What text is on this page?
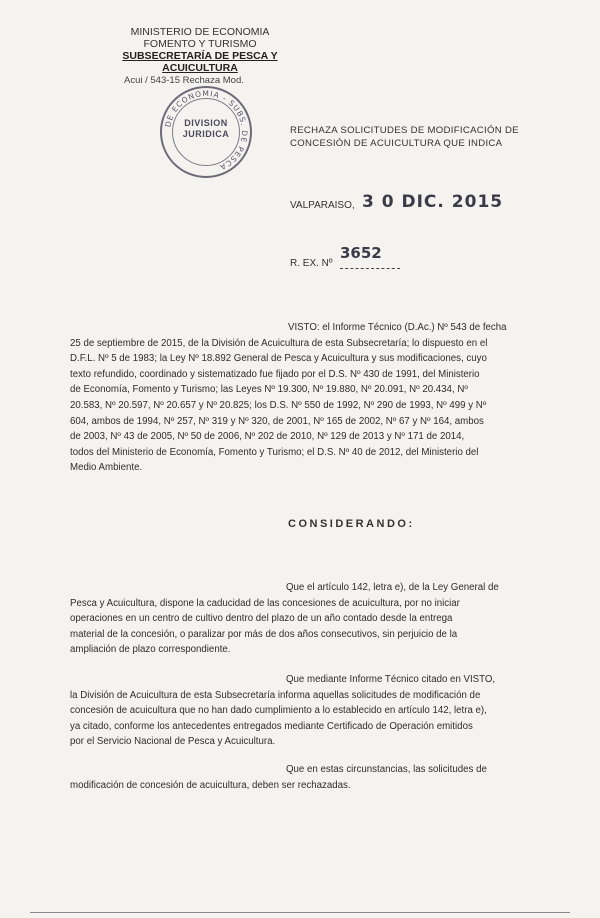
MINISTERIO DE ECONOMIA
FOMENTO Y TURISMO
SUBSECRETARÍA DE PESCA Y ACUICULTURA
Acui / 543-15 Rechaza Mod.
DE ECONOMIA - SUBS. DE PESCA
DIVISION
JURIDICA	RECHAZA SOLICITUDES DE MODIFICACIÓN DE
CONCESIÓN DE ACUICULTURA QUE INDICA
VALPARAISO, 3 0 DIC. 2015
R. EX. Nº
3652
VISTO: el Informe Técnico (D.Ac.) Nº 543 de fecha
25 de septiembre de 2015, de la División de Acuicultura de esta Subsecretaría; lo dispuesto en el
D.F.L. Nº 5 de 1983; la Ley Nº 18.892 General de Pesca y Acuicultura y sus modificaciones, cuyo
texto refundido, coordinado y sistematizado fue fijado por el D.S. Nº 430 de 1991, del Ministerio
de Economía, Fomento y Turismo; las Leyes Nº 19.300, Nº 19.880, Nº 20.091, Nº 20.434, Nº
20.583, Nº 20.597, Nº 20.657 y Nº 20.825; los D.S. Nº 550 de 1992, Nº 290 de 1993, Nº 499 y Nº
604, ambos de 1994, Nº 257, Nº 319 y Nº 320, de 2001, Nº 165 de 2002, Nº 67 y Nº 164, ambos
de 2003, Nº 43 de 2005, Nº 50 de 2006, Nº 202 de 2010, Nº 129 de 2013 y Nº 171 de 2014,
todos del Ministerio de Economía, Fomento y Turismo; el D.S. Nº 40 de 2012, del Ministerio del
Medio Ambiente.
CONSIDERANDO:
Que el artículo 142, letra e), de la Ley General de
Pesca y Acuicultura, dispone la caducidad de las concesiones de acuicultura, por no iniciar
operaciones en un centro de cultivo dentro del plazo de un año contado desde la entrega
material de la concesión, o paralizar por más de dos años consecutivos, sin perjuicio de la
ampliación de plazo correspondiente.
Que mediante Informe Técnico citado en VISTO,
la División de Acuicultura de esta Subsecretaría informa aquellas solicitudes de modificación de
concesión de acuicultura que no han dado cumplimiento a lo establecido en artículo 142, letra e),
ya citado, conforme los antecedentes entregados mediante Certificado de Operación emitidos
por el Servicio Nacional de Pesca y Acuicultura.
Que en estas circunstancias, las solicitudes de
modificación de concesión de acuicultura, deben ser rechazadas.
